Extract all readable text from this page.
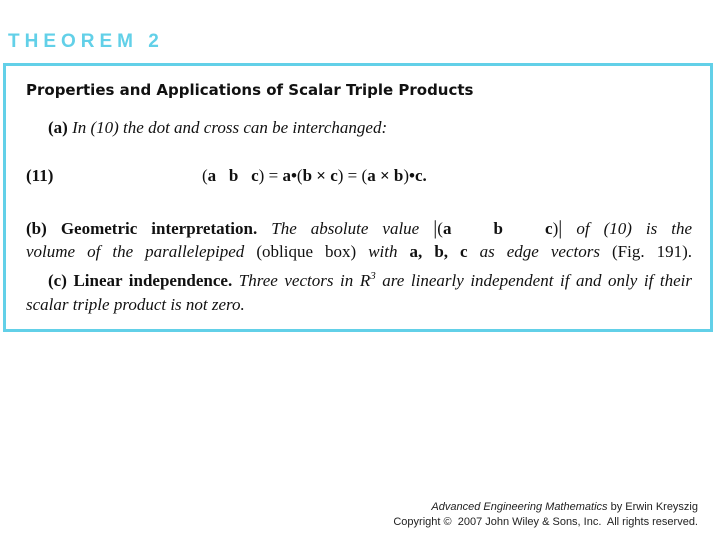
THEOREM 2
Properties and Applications of Scalar Triple Products
(a) In (10) the dot and cross can be interchanged:
(11)	(a   b   c) = a•(b × c) = (a × b)•c.
(b) Geometric interpretation. The absolute value |(a   b   c)| of (10) is the
volume of the parallelepiped (oblique box) with a, b, c as edge vectors (Fig. 191).
(c) Linear independence. Three vectors in $R^3$ are linearly independent if and only if their scalar triple product is not zero.
Advanced Engineering Mathematics by Erwin Kreyszig
Copyright ©  2007 John Wiley & Sons, Inc.  All rights reserved.
